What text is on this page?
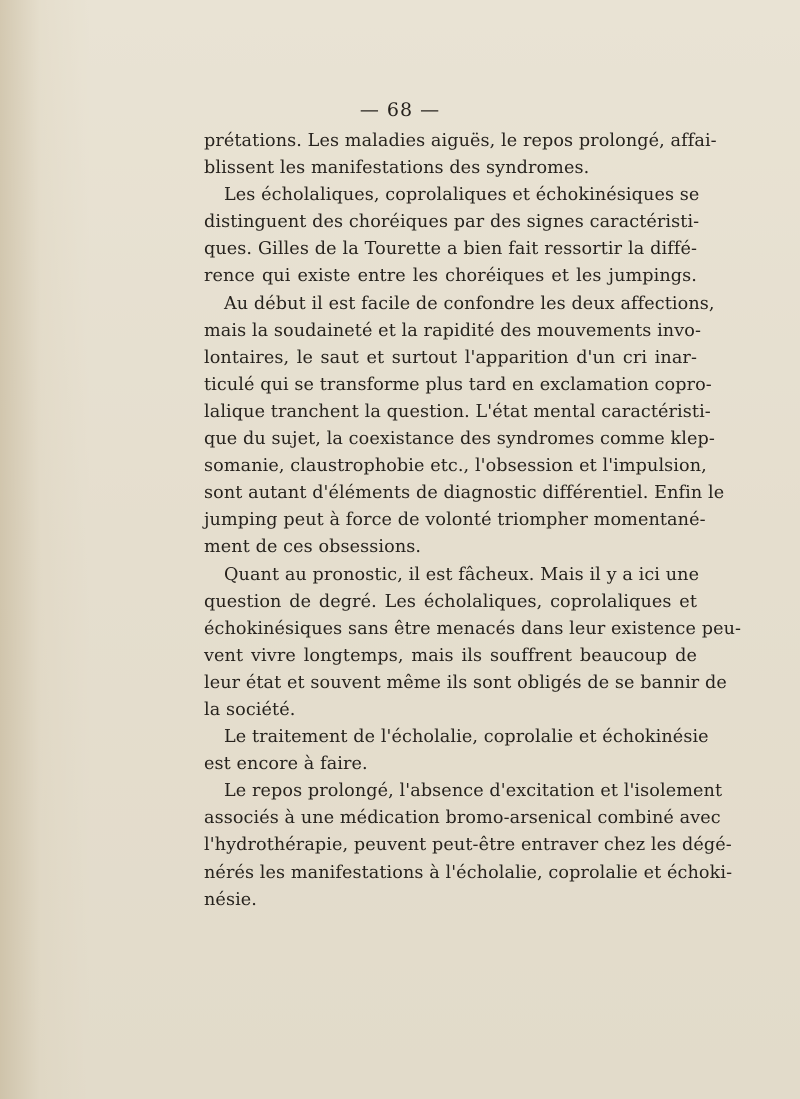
— 68 —
prétations. Les maladies aiguës, le repos prolongé, affai-
blissent les manifestations des syndromes.
Les écholaliques, coprolaliques et échokinésiques se
distinguent des choréiques par des signes caractéristi-
ques. Gilles de la Tourette a bien fait ressortir la diffé-
rence qui existe entre les choréiques et les jumpings.
Au début il est facile de confondre les deux affections,
mais la soudaineté et la rapidité des mouvements invo-
lontaires, le saut et surtout l'apparition d'un cri inar-
ticulé qui se transforme plus tard en exclamation copro-
lalique tranchent la question. L'état mental caractéristi-
que du sujet, la coexistance des syndromes comme klep-
somanie, claustrophobie etc., l'obsession et l'impulsion,
sont autant d'éléments de diagnostic différentiel. Enfin le
jumping peut à force de volonté triompher momentané-
ment de ces obsessions.
Quant au pronostic, il est fâcheux. Mais il y a ici une
question de degré. Les écholaliques, coprolaliques et
échokinésiques sans être menacés dans leur existence peu-
vent vivre longtemps, mais ils souffrent beaucoup de
leur état et souvent même ils sont obligés de se bannir de
la société.
Le traitement de l'écholalie, coprolalie et échokinésie
est encore à faire.
Le repos prolongé, l'absence d'excitation et l'isolement
associés à une médication bromo-arsenical combiné avec
l'hydrothérapie, peuvent peut-être entraver chez les dégé-
nérés les manifestations à l'écholalie, coprolalie et échoki-
nésie.
